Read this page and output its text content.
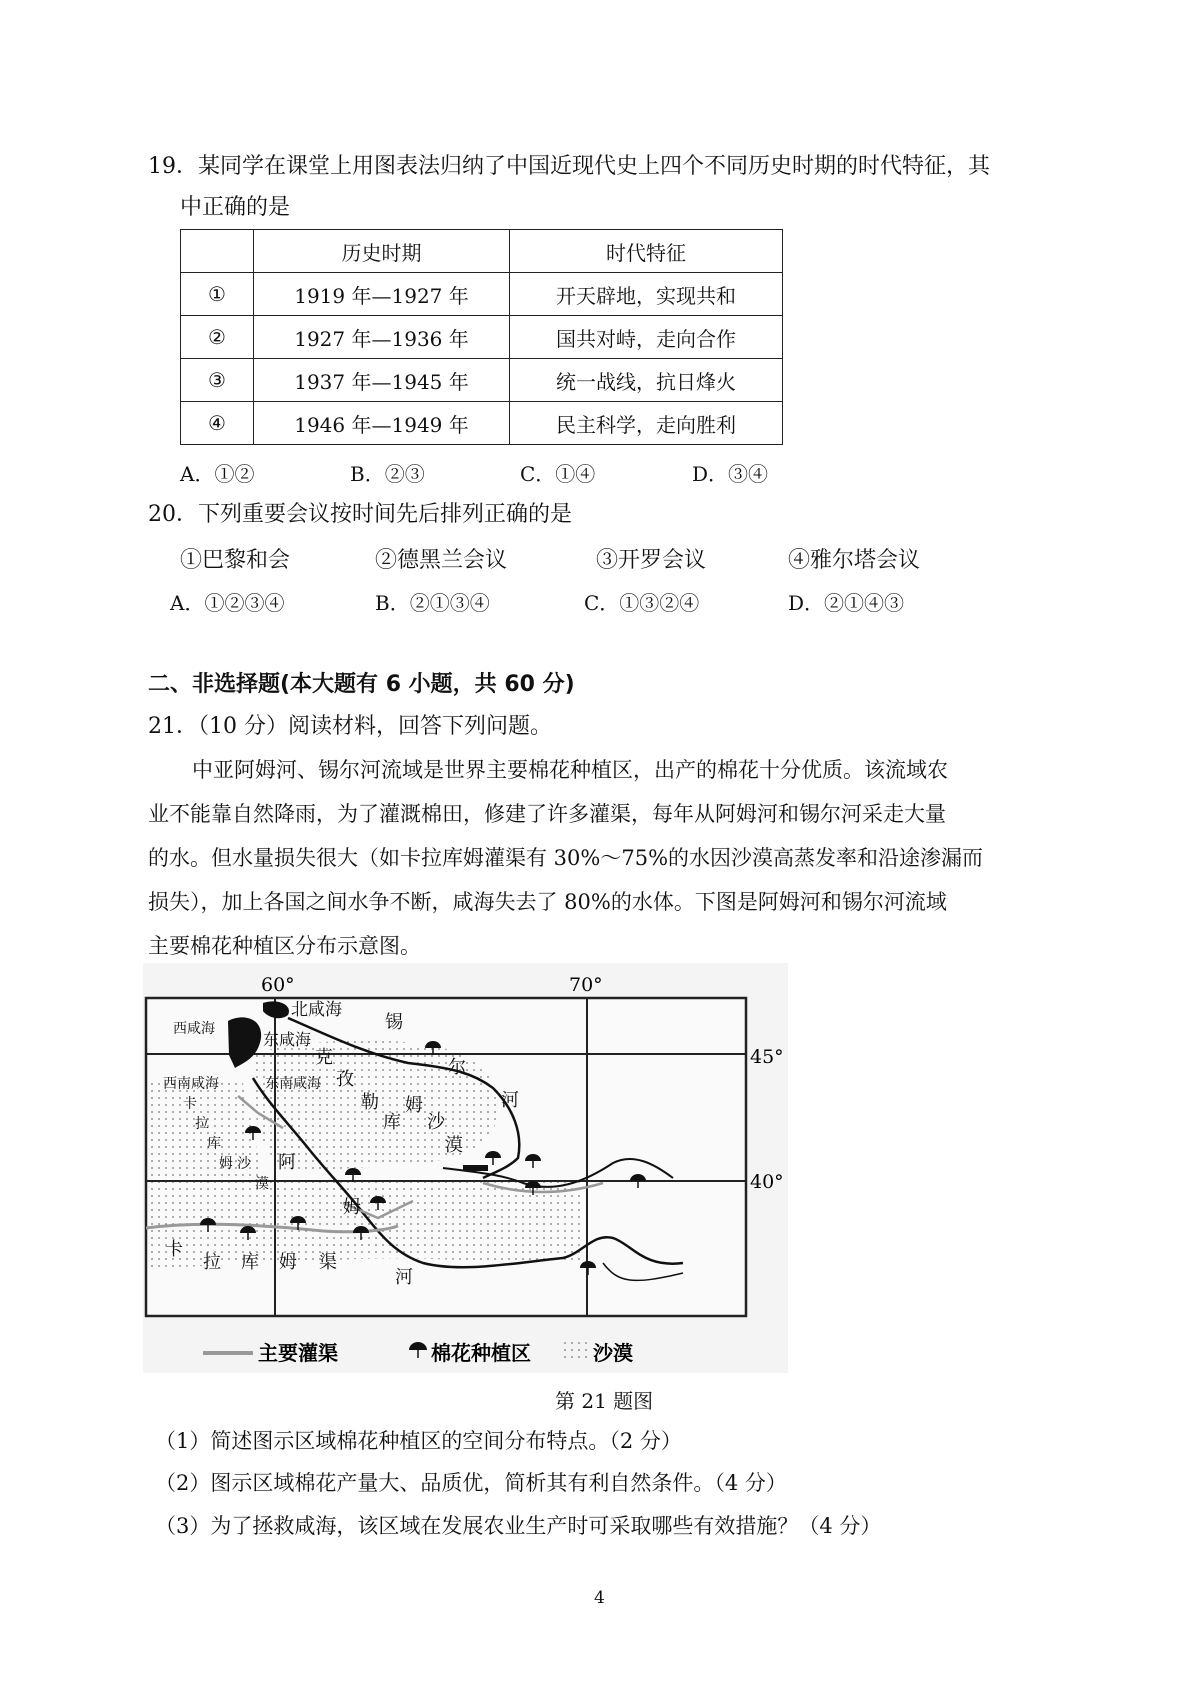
19．某同学在课堂上用图表法归纳了中国近现代史上四个不同历史时期的时代特征，其
中正确的是
	历史时期	时代特征
①	1919 年—1927 年	开天辟地，实现共和
②	1927 年—1936 年	国共对峙，走向合作
③	1937 年—1945 年	统一战线，抗日烽火
④	1946 年—1949 年	民主科学，走向胜利
A．①②	B．②③	C．①④	D．③④
20．下列重要会议按时间先后排列正确的是
①巴黎和会	②德黑兰会议	③开罗会议	④雅尔塔会议
A．①②③④	B．②①③④	C．①③②④	D．②①④③
二、非选择题(本大题有 6 小题，共 60 分)
21．（10 分）阅读材料，回答下列问题。
中亚阿姆河、锡尔河流域是世界主要棉花种植区，出产的棉花十分优质。该流域农
业不能靠自然降雨，为了灌溉棉田，修建了许多灌渠，每年从阿姆河和锡尔河采走大量
的水。但水量损失很大（如卡拉库姆灌渠有 30%～75%的水因沙漠高蒸发率和沿途渗漏而
损失），加上各国之间水争不断，咸海失去了 80%的水体。下图是阿姆河和锡尔河流域
主要棉花种植区分布示意图。
60°	70°
45°
40°
西咸海
北咸海
东咸海
西南咸海	东南咸海
克
孜
勒
库
姆
沙
漠
卡
拉
库
姆 沙
漠
锡
尔
河
阿
姆
河
卡
拉 库 姆 渠
主要灌渠	棉花种植区	沙漠
第 21 题图
（1）简述图示区域棉花种植区的空间分布特点。（2 分）
（2）图示区域棉花产量大、品质优，简析其有利自然条件。（4 分）
（3）为了拯救咸海，该区域在发展农业生产时可采取哪些有效措施？（4 分）
4
